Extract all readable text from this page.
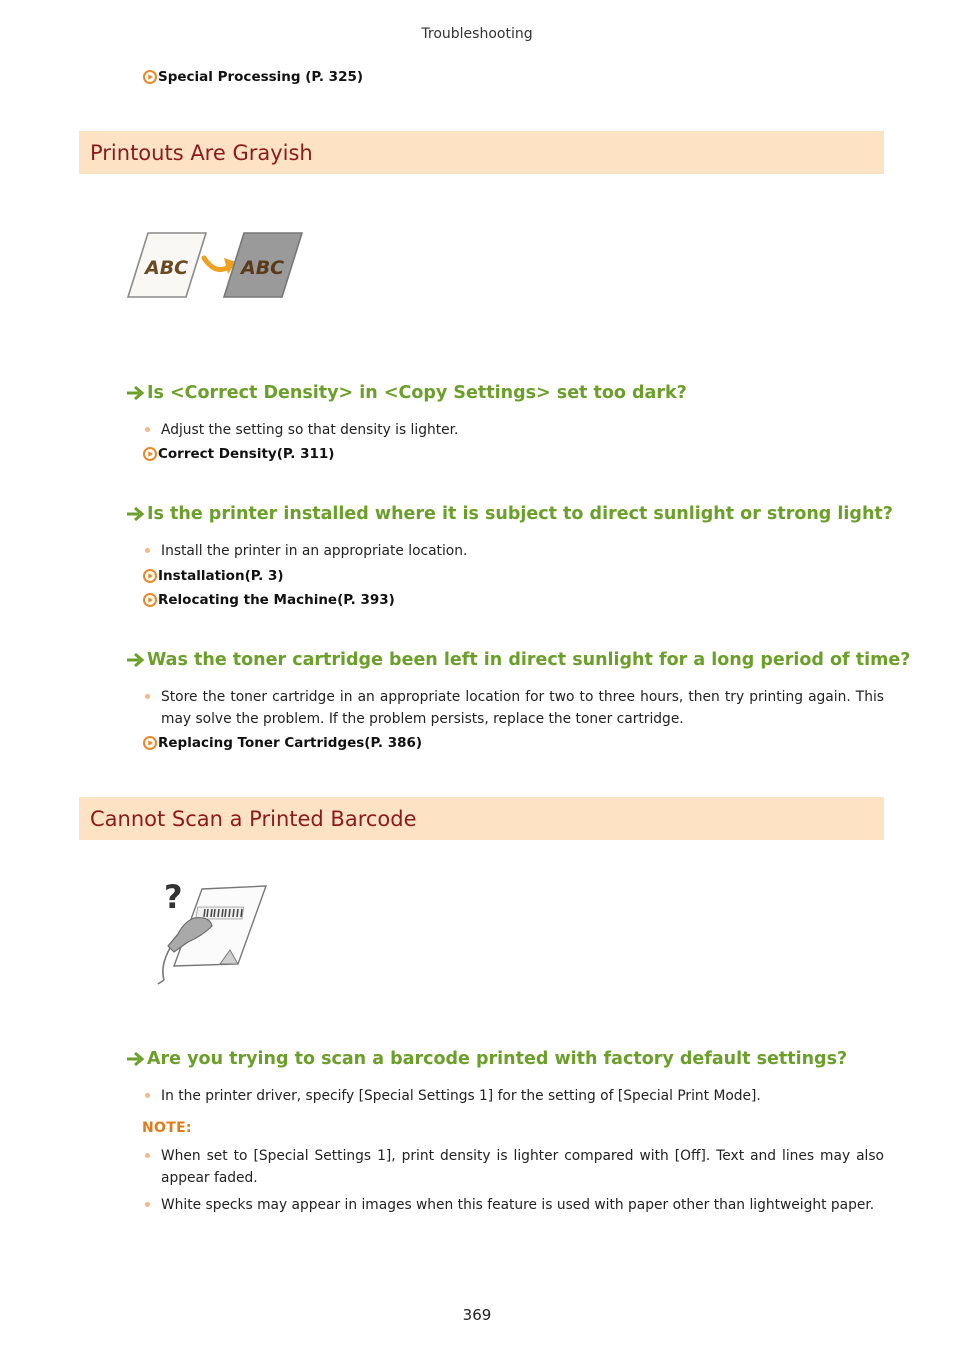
Troubleshooting
Special Processing (P. 325)
Printouts Are Grayish
ABC	ABC
Is <Correct Density> in <Copy Settings> set too dark?
Adjust the setting so that density is lighter.
Correct Density(P. 311)
Is the printer installed where it is subject to direct sunlight or strong light?
Install the printer in an appropriate location.
Installation(P. 3)
Relocating the Machine(P. 393)
Was the toner cartridge been left in direct sunlight for a long period of time?
Store the toner cartridge in an appropriate location for two to three hours, then try printing again. This may solve the problem. If the problem persists, replace the toner cartridge.
Replacing Toner Cartridges(P. 386)
Cannot Scan a Printed Barcode
?
Are you trying to scan a barcode printed with factory default settings?
In the printer driver, specify [Special Settings 1] for the setting of [Special Print Mode].
NOTE:
When set to [Special Settings 1], print density is lighter compared with [Off]. Text and lines may also appear faded.
White specks may appear in images when this feature is used with paper other than lightweight paper.
369
